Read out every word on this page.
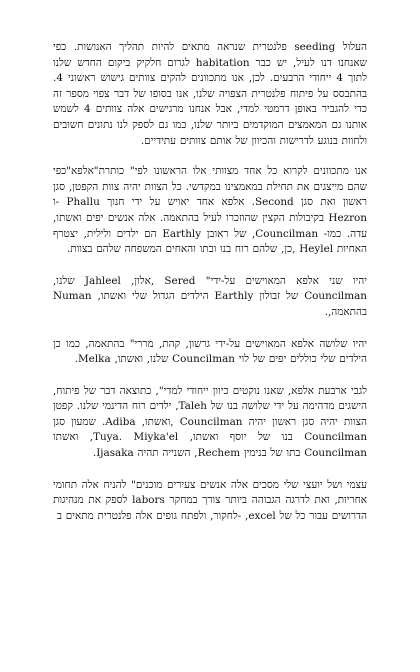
העלול seeding פלנטרית שנראה מתאים להיות תהליך האנושות. כפי שאנחנו דנו לעיל, יש כבר habitation לגרום חלקיק ביקום החדש שלנו לתוך 4 ייחודי הרבעים. לכן, אנו מתכוונים להקים צוותים גישוש ראשוני 4. בהתבסס על פיתוח פלנטרית הצפויה שלנו, אנו בסופו של דבר צפוי מספר זה כדי להגביר באופן דרמטי למדי, אבל אנחנו מרגישים אלה צוותים 4 לשמש אותנו גם המאמצים המוקדמים ביותר שלנו, כמו גם לספק לנו נתונים חשובים ולחוות בנוגע לדרישות והכיוון של אותם צוותים עתידיים.

אנו מתכוונים לקרוא כל אחד מצוותי אלו הראשונו לפי" כותרת"אלפא"כפי שהם מייצגים את תחילת במאמצינו במקדשי. כל הצוות יהיה צוות הקפטן, סגן ראשון ואת סגן Second. אלפא אחד יאויש על ידי חנוך Phallu -ו Hezron בקיבולות הקצין שהוזכרו לעיל בהתאמה. אלה אנשים יפים ואשתו, עדה. כמו- Councilman, של ראובן Earthly הם ילדים ולילית, יצטרף האחיות Heylel ,כן, שלהם רוח בנו ובתו והאחים המשפחה שלהם בצוות.

יהיו שני אלפא המאוישים על-ידי" Sered ,אלון, Jahleel שלנו, Councilman של זבולון Earthly הילדים הגדול שלי ואשתו, Numan בהתאמה,.

יהיו שלושה אלפא המאוישים על-ידי גרשון, קהת, מררי" בהתאמה, כמו כן הילדים שלי כוללים יפים של לוי Councilman שלנו, ואשתו, Melka.

לגבי ארבעת אלפא, שאנו נוקטים כיוון ייחודי למדי", כתוצאה דבר של פיתוח, הישגים מדהימה על ידי שלושה בנו של Taleh, ילדים רוח הדינמי שלנו. קפטן הצוות יהיה סגן ראשון יהיה Councilman ,ואשתו, Adiba. שמעון סגן Councilman בנו של יוסף ואשתו, Tuya. Miyka'el, ואשתו Councilman בתו של בנימין Rechem, השנייה תהיה Ijasaka.

עצמי ושל יועצי שלי מסכים אלה אנשים צעירים מוכנים" להניח אלה תחומי אחריות, ואת לדרגה הגבוהה ביותר צורך במחקר labors לספק את מנהיגות הדרושים עבור כל של excel, -לחקור, ולפתח גופים אלה פלנטרית מתאים ב
